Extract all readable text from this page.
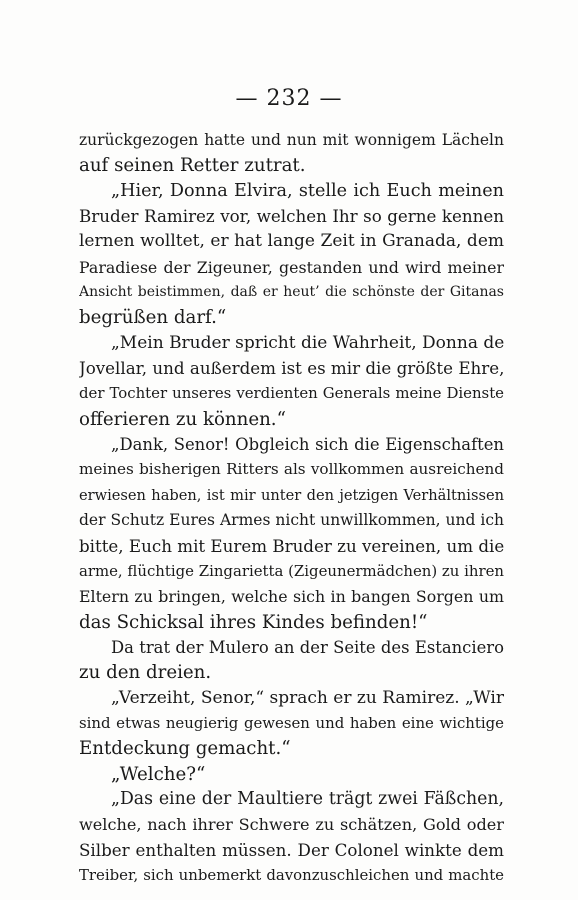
— 232 —
zurückgezogen hatte und nun mit wonnigem Lächeln
auf seinen Retter zutrat.
„Hier, Donna Elvira, stelle ich Euch meinen
Bruder Ramirez vor, welchen Ihr so gerne kennen
lernen wolltet, er hat lange Zeit in Granada, dem
Paradiese der Zigeuner, gestanden und wird meiner
Ansicht beistimmen, daß er heut’ die schönste der Gitanas
begrüßen darf.“
„Mein Bruder spricht die Wahrheit, Donna de
Jovellar, und außerdem ist es mir die größte Ehre,
der Tochter unseres verdienten Generals meine Dienste
offerieren zu können.“
„Dank, Senor! Obgleich sich die Eigenschaften
meines bisherigen Ritters als vollkommen ausreichend
erwiesen haben, ist mir unter den jetzigen Verhältnissen
der Schutz Eures Armes nicht unwillkommen, und ich
bitte, Euch mit Eurem Bruder zu vereinen, um die
arme, flüchtige Zingarietta (Zigeunermädchen) zu ihren
Eltern zu bringen, welche sich in bangen Sorgen um
das Schicksal ihres Kindes befinden!“
Da trat der Mulero an der Seite des Estanciero
zu den dreien.
„Verzeiht, Senor,“ sprach er zu Ramirez. „Wir
sind etwas neugierig gewesen und haben eine wichtige
Entdeckung gemacht.“
„Welche?“
„Das eine der Maultiere trägt zwei Fäßchen,
welche, nach ihrer Schwere zu schätzen, Gold oder
Silber enthalten müssen. Der Colonel winkte dem
Treiber, sich unbemerkt davonzuschleichen und machte
